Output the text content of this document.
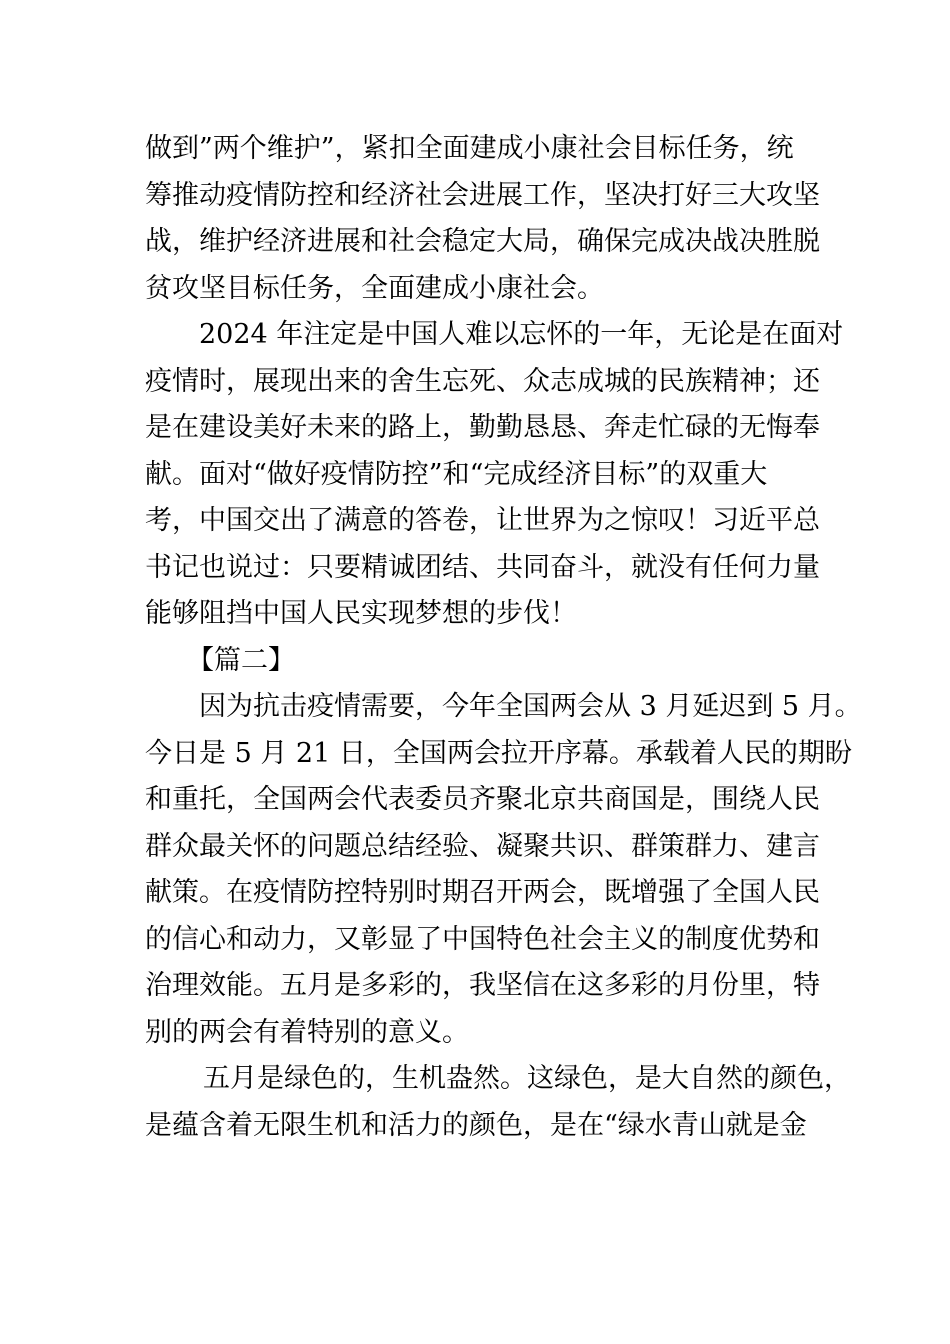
做到”两个维护”，紧扣全面建成小康社会目标任务，统
筹推动疫情防控和经济社会进展工作，坚决打好三大攻坚
战，维护经济进展和社会稳定大局，确保完成决战决胜脱
贫攻坚目标任务，全面建成小康社会。
2024 年注定是中国人难以忘怀的一年，无论是在面对
疫情时，展现出来的舍生忘死、众志成城的民族精神；还
是在建设美好未来的路上，勤勤恳恳、奔走忙碌的无悔奉
献。面对“做好疫情防控”和“完成经济目标”的双重大
考，中国交出了满意的答卷，让世界为之惊叹！习近平总
书记也说过：只要精诚团结、共同奋斗，就没有任何力量
能够阻挡中国人民实现梦想的步伐！
【篇二】
因为抗击疫情需要，今年全国两会从 3 月延迟到 5 月。
今日是 5 月 21 日，全国两会拉开序幕。承载着人民的期盼
和重托，全国两会代表委员齐聚北京共商国是，围绕人民
群众最关怀的问题总结经验、凝聚共识、群策群力、建言
献策。在疫情防控特别时期召开两会，既增强了全国人民
的信心和动力，又彰显了中国特色社会主义的制度优势和
治理效能。五月是多彩的，我坚信在这多彩的月份里，特
别的两会有着特别的意义。
五月是绿色的，生机盎然。这绿色，是大自然的颜色，
是蕴含着无限生机和活力的颜色，是在“绿水青山就是金
